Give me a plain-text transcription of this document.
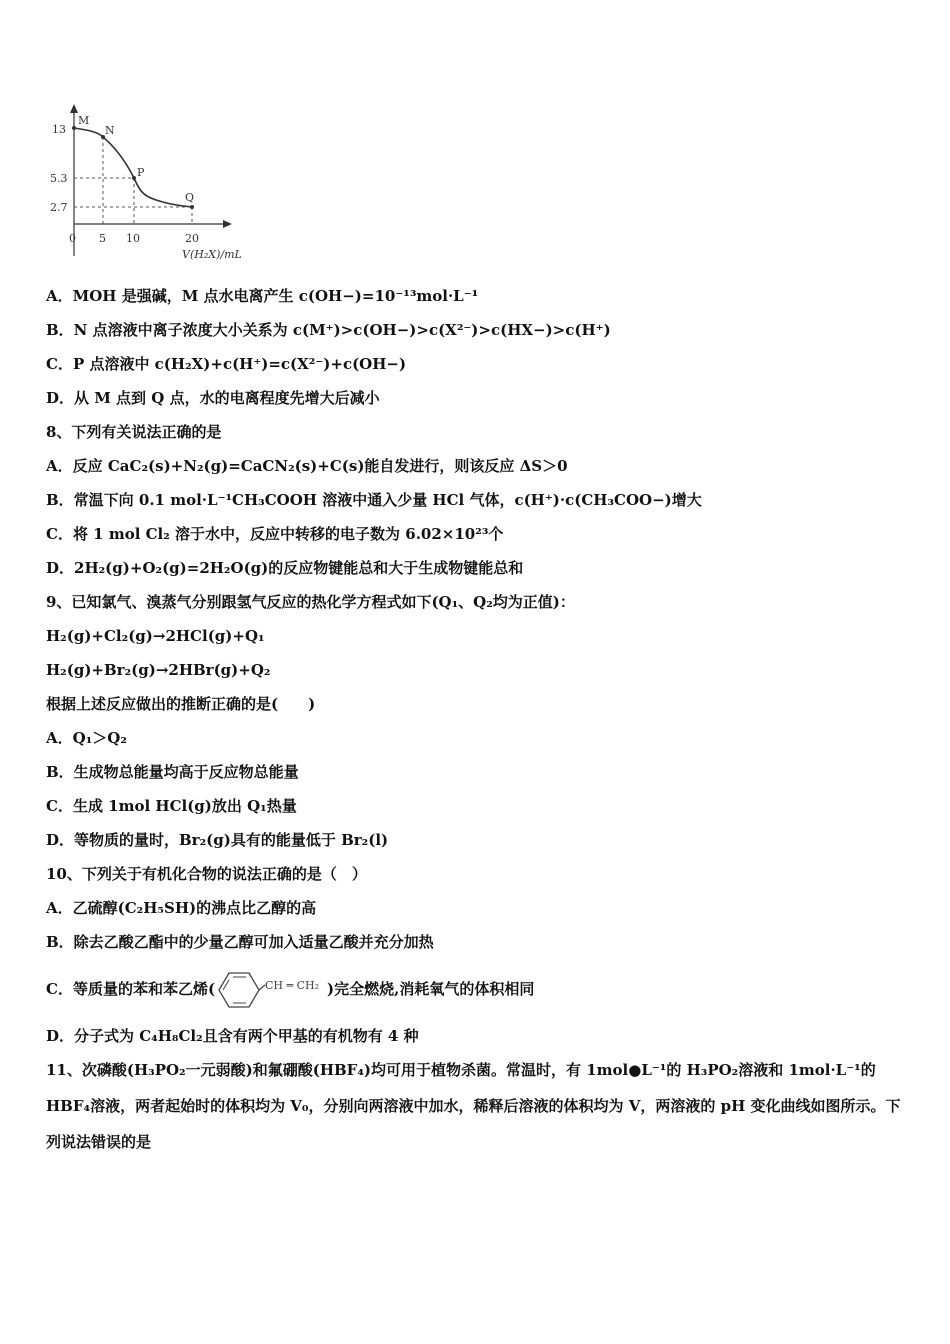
M
N
P
Q
13
5.3
2.7
0 5 10	20
V(H₂X)/mL
A．MOH 是强碱，M 点水电离产生 c(OH−)=10⁻¹³mol·L⁻¹
B．N 点溶液中离子浓度大小关系为 c(M⁺)>c(OH−)>c(X²⁻)>c(HX−)>c(H⁺)
C．P 点溶液中 c(H₂X)+c(H⁺)=c(X²⁻)+c(OH−)
D．从 M 点到 Q 点，水的电离程度先增大后减小
8、下列有关说法正确的是
A．反应 CaC₂(s)+N₂(g)=CaCN₂(s)+C(s)能自发进行，则该反应 ΔS＞0
B．常温下向 0.1 mol·L⁻¹CH₃COOH 溶液中通入少量 HCl 气体，c(H⁺)·c(CH₃COO−)增大
C．将 1 mol Cl₂ 溶于水中，反应中转移的电子数为 6.02×10²³个
D．2H₂(g)+O₂(g)=2H₂O(g)的反应物键能总和大于生成物键能总和
9、已知氯气、溴蒸气分别跟氢气反应的热化学方程式如下(Q₁、Q₂均为正值)：
H₂(g)+Cl₂(g)→2HCl(g)+Q₁
H₂(g)+Br₂(g)→2HBr(g)+Q₂
根据上述反应做出的推断正确的是(　　)
A．Q₁＞Q₂
B．生成物总能量均高于反应物总能量
C．生成 1mol HCl(g)放出 Q₁热量
D．等物质的量时，Br₂(g)具有的能量低于 Br₂(l)
10、下列关于有机化合物的说法正确的是（　）
A．乙硫醇(C₂H₅SH)的沸点比乙醇的高
B．除去乙酸乙酯中的少量乙醇可加入适量乙酸并充分加热
C．等质量的苯和苯乙烯(	CH ═ CH₂ )完全燃烧,消耗氧气的体积相同
D．分子式为 C₄H₈Cl₂且含有两个甲基的有机物有 4 种
11、次磷酸(H₃PO₂一元弱酸)和氟硼酸(HBF₄)均可用于植物杀菌。常温时，有 1mol●L⁻¹的 H₃PO₂溶液和 1mol·L⁻¹的HBF₄溶液，两者起始时的体积均为 V₀，分别向两溶液中加水，稀释后溶液的体积均为 V，两溶液的 pH 变化曲线如图所示。下列说法错误的是
